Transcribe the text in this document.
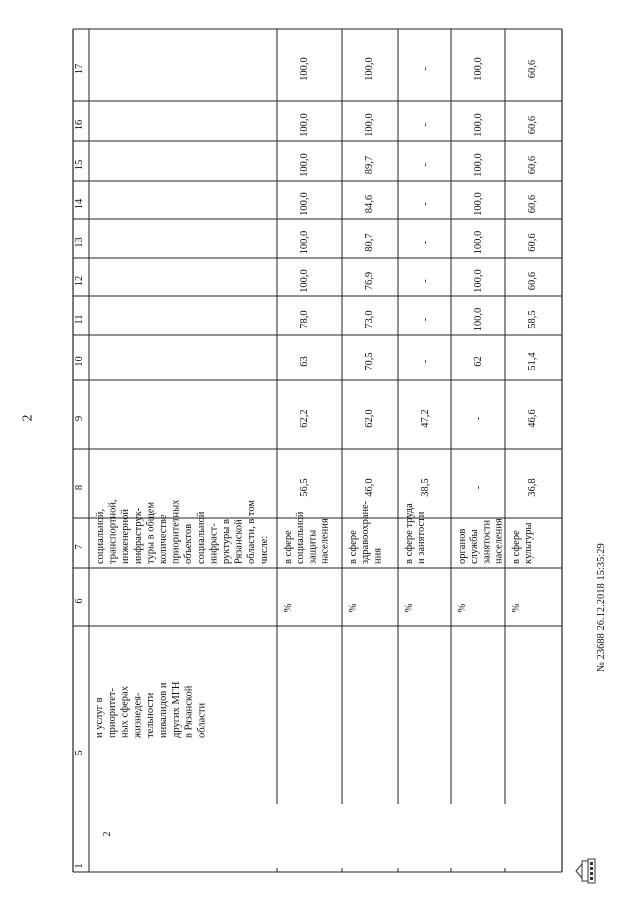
2
№ 23688 26.12.2018 15:35:29
17
16
15
14
13
12
11
10
9
8
7
6
5
1
2
и услуг в приоритет- ных сферах жизнедея- тельности инвалидов и других МГН в Рязанской области
социальной, транспортной, инженерной инфраструк- туры в общем количестве приоритетных объектов социальной инфраст- руктуры в Рязанской области, в том числе: в сфере социальной защиты населения
%
56,5
62,2
63
78,0
100,0
100,0
100,0
100,0
100,0
100,0
в сфере здравоохране- ния
%
46,0
62,0
70,5
73,0
76,9
80,7
84,6
89,7
100,0
100,0
в сфере труда и занятости
%
38,5
47,2
-
-
-
-
-
-
-
-
органов службы занятости населения
%
-
-
62
100,0
100,0
100,0
100,0
100,0
100,0
100,0
в сфере культуры
%
36,8
46,6
51,4
58,5
60,6
60,6
60,6
60,6
60,6
60,6
